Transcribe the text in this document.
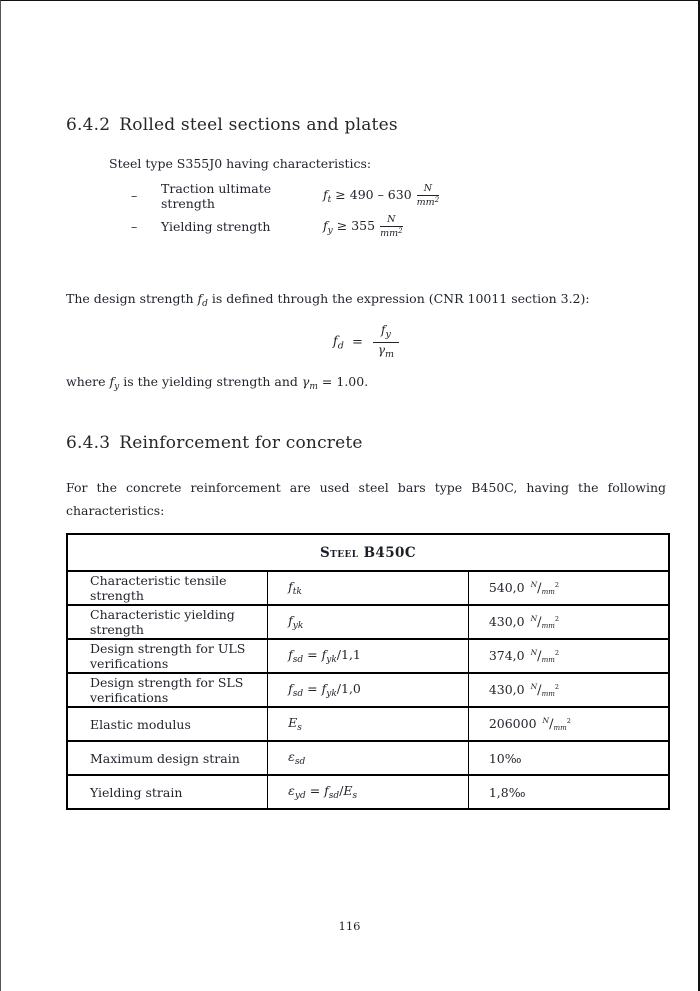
6.4.2 Rolled steel sections and plates
Steel type S355J0 having characteristics:
–	Traction ultimate strength
$f_t \ge 490 - 630 \frac{N}{mm^2}$
–	Yielding strength	$f_y \ge 355 \frac{N}{mm^2}$
The design strength $f_d$ is defined through the expression (CNR 10011 section 3.2):
$f_d = \frac{f_y}{\gamma_m}$
where $f_y$ is the yielding strength and $\gamma_m = 1.00$.
6.4.3 Reinforcement for concrete
For the concrete reinforcement are used steel bars type B450C, having the following characteristics:
Steel B450C		
Characteristic tensile strength	$f_{tk}$	540,0 $^N/mm^2$
Characteristic yielding strength	$f_{yk}$	430,0 $^N/mm^2$
Design strength for ULS verifications	$f_{sd} = f_{yk}/1,1$	374,0 $^N/mm^2$
Design strength for SLS verifications	$f_{sd} = f_{yk}/1,0$	430,0 $^N/mm^2$
Elastic modulus	$E_s$	206000 $^N/mm^2$
Maximum design strain	$\varepsilon_{sd}$	10‰
Yielding strain	$\varepsilon_{yd} = f_{sd}/E_s$	1,8‰
116
